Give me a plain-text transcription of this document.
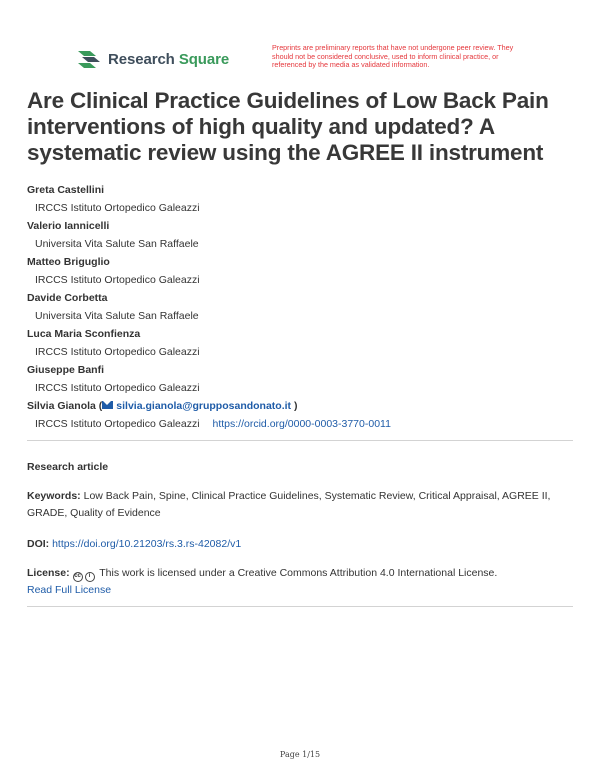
Research Square
Preprints are preliminary reports that have not undergone peer review. They should not be considered conclusive, used to inform clinical practice, or referenced by the media as validated information.
Are Clinical Practice Guidelines of Low Back Pain interventions of high quality and updated? A systematic review using the AGREE II instrument
Greta Castellini
IRCCS Istituto Ortopedico Galeazzi
Valerio Iannicelli
Universita Vita Salute San Raffaele
Matteo Briguglio
IRCCS Istituto Ortopedico Galeazzi
Davide Corbetta
Universita Vita Salute San Raffaele
Luca Maria Sconfienza
IRCCS Istituto Ortopedico Galeazzi
Giuseppe Banfi
IRCCS Istituto Ortopedico Galeazzi
Silvia Gianola ( silvia.gianola@grupposandonato.it )
IRCCS Istituto Ortopedico Galeazzi https://orcid.org/0000-0003-3770-0011
Research article
Keywords: Low Back Pain, Spine, Clinical Practice Guidelines, Systematic Review, Critical Appraisal, AGREE II, GRADE, Quality of Evidence
DOI: https://doi.org/10.21203/rs.3.rs-42082/v1
License: cc i This work is licensed under a Creative Commons Attribution 4.0 International License.
Read Full License
Page 1/15
